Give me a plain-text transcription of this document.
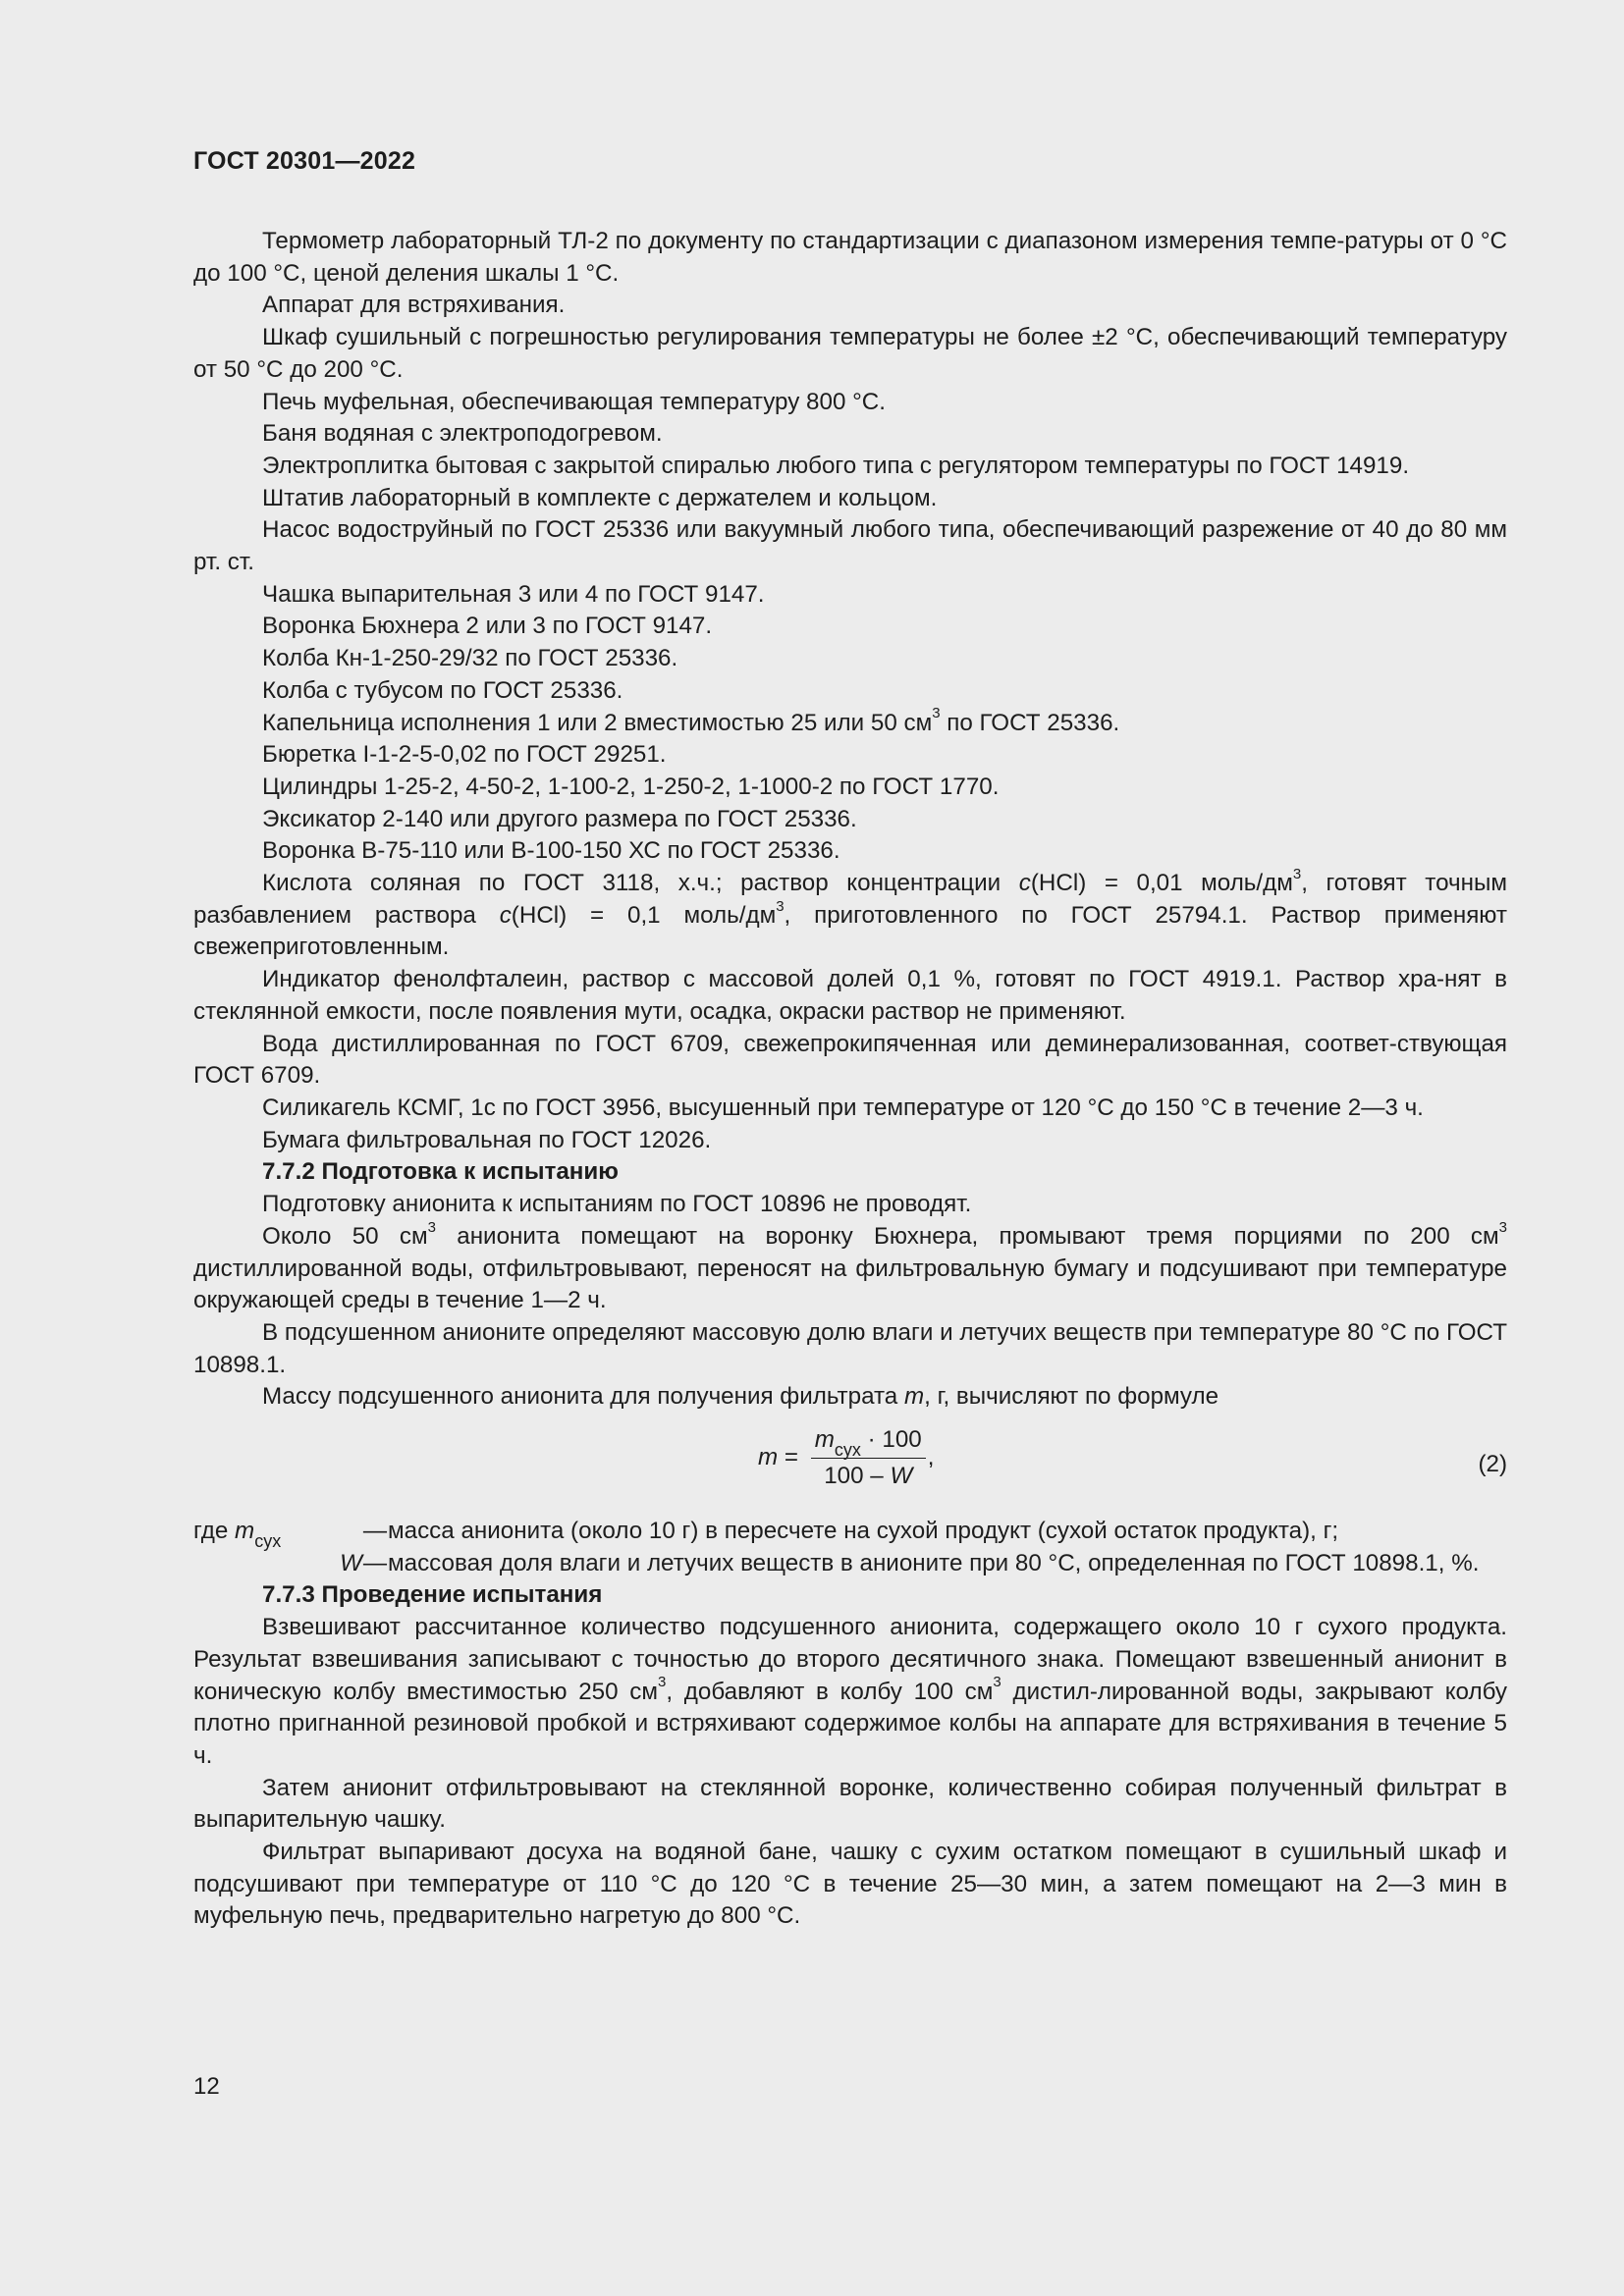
ГОСТ 20301—2022

Термометр лабораторный ТЛ-2 по документу по стандартизации с диапазоном измерения темпе-ратуры от 0 °C до 100 °C, ценой деления шкалы 1 °C.

Аппарат для встряхивания.

Шкаф сушильный с погрешностью регулирования температуры не более ±2 °C, обеспечивающий температуру от 50 °C до 200 °C.

Печь муфельная, обеспечивающая температуру 800 °C.

Баня водяная с электроподогревом.

Электроплитка бытовая с закрытой спиралью любого типа с регулятором температуры по ГОСТ 14919.

Штатив лабораторный в комплекте с держателем и кольцом.

Насос водоструйный по ГОСТ 25336 или вакуумный любого типа, обеспечивающий разрежение от 40 до 80 мм рт. ст.

Чашка выпарительная 3 или 4 по ГОСТ 9147.

Воронка Бюхнера 2 или 3 по ГОСТ 9147.

Колба Кн-1-250-29/32 по ГОСТ 25336.

Колба с тубусом по ГОСТ 25336.

Капельница исполнения 1 или 2 вместимостью 25 или 50 $см^3$ по ГОСТ 25336.

Бюретка I-1-2-5-0,02 по ГОСТ 29251.

Цилиндры 1-25-2, 4-50-2, 1-100-2, 1-250-2, 1-1000-2 по ГОСТ 1770.

Эксикатор 2-140 или другого размера по ГОСТ 25336.

Воронка В-75-110 или В-100-150 ХС по ГОСТ 25336.

Кислота соляная по ГОСТ 3118, х.ч.; раствор концентрации c(HCl) = 0,01 моль/$дм^3$, готовят точным разбавлением раствора c(HCl) = 0,1 моль/$дм^3$, приготовленного по ГОСТ 25794.1. Раствор применяют свежеприготовленным.

Индикатор фенолфталеин, раствор с массовой долей 0,1 %, готовят по ГОСТ 4919.1. Раствор хра-нят в стеклянной емкости, после появления мути, осадка, окраски раствор не применяют.

Вода дистиллированная по ГОСТ 6709, свежепрокипяченная или деминерализованная, соответ-ствующая ГОСТ 6709.

Силикагель КСМГ, 1с по ГОСТ 3956, высушенный при температуре от 120 °C до 150 °C в течение 2—3 ч.

Бумага фильтровальная по ГОСТ 12026.

7.7.2 Подготовка к испытанию

Подготовку анионита к испытаниям по ГОСТ 10896 не проводят.

Около 50 $см^3$ анионита помещают на воронку Бюхнера, промывают тремя порциями по 200 $см^3$ дистиллированной воды, отфильтровывают, переносят на фильтровальную бумагу и подсушивают при температуре окружающей среды в течение 1—2 ч.

В подсушенном анионите определяют массовую долю влаги и летучих веществ при температуре 80 °C по ГОСТ 10898.1.

Массу подсушенного анионита для получения фильтрата m, г, вычисляют по формуле

$m = \frac{m_{сух} \cdot 100}{100 - W}$ ,	(2)
где $m_{сух}$	— масса анионита (около 10 г) в пересчете на сухой продукт (сухой остаток продукта), г;
W — массовая доля влаги и летучих веществ в анионите при 80 °C, определенная по ГОСТ 10898.1, %.

7.7.3 Проведение испытания

Взвешивают рассчитанное количество подсушенного анионита, содержащего около 10 г сухого продукта. Результат взвешивания записывают с точностью до второго десятичного знака. Помещают взвешенный анионит в коническую колбу вместимостью 250 $см^3$, добавляют в колбу 100 $см^3$ дистил-лированной воды, закрывают колбу плотно пригнанной резиновой пробкой и встряхивают содержимое колбы на аппарате для встряхивания в течение 5 ч.

Затем анионит отфильтровывают на стеклянной воронке, количественно собирая полученный фильтрат в выпарительную чашку.

Фильтрат выпаривают досуха на водяной бане, чашку с сухим остатком помещают в сушильный шкаф и подсушивают при температуре от 110 °C до 120 °C в течение 25—30 мин, а затем помещают на 2—3 мин в муфельную печь, предварительно нагретую до 800 °C.

12
